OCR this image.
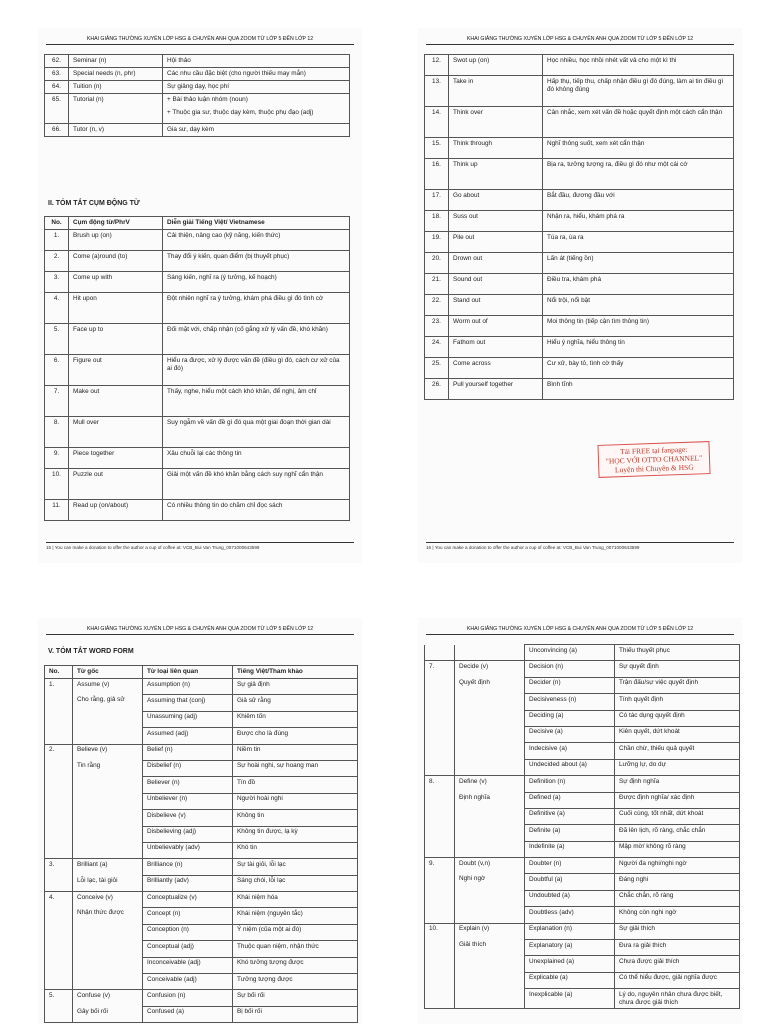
KHAI GIẢNG THƯỜNG XUYÊN LỚP HSG & CHUYÊN ANH QUA ZOOM TỪ LỚP 5 ĐẾN LỚP 12
62.	Seminar (n)	Hội thảo

63.	Special needs (n, phr)	Các nhu cầu đặc biệt (cho người thiếu may mắn)

64.	Tuition (n)	Sự giảng dạy, học phí

65.	Tutorial (n)	+ Bài thảo luận nhóm (noun)
+ Thuộc gia sư, thuộc dạy kèm, thuộc phụ đạo (adj)

66.	Tutor (n, v)	Gia sư, dạy kèm
II. TÓM TẮT CỤM ĐỘNG TỪ
No.	Cụm động từ/PhrV	Diễn giải Tiếng Việt/ Vietnamese
1.	Brush up (on)	Cải thiện, nâng cao (kỹ năng, kiến thức)
2.	Come (a)round (to)	Thay đổi ý kiến, quan điểm (bị thuyết phục)
3.	Come up with	Sáng kiến, nghĩ ra (ý tưởng, kế hoạch)
4.	Hit upon	Đột nhiên nghĩ ra ý tưởng, khám phá điều gì đó tình cờ
5.	Face up to	Đối mặt với, chấp nhận (cố gắng xử lý vấn đề, khó khăn)
6.	Figure out	Hiểu ra được, xử lý được vấn đề (điều gì đó, cách cư xử của ai đó)
7.	Make out	Thấy, nghe, hiểu một cách khó khăn, để nghị, âm chỉ
8.	Mull over	Suy ngẫm về vấn đề gì đó qua một giai đoạn thời gian dài
9.	Piece together	Xâu chuỗi lại các thông tin
10.	Puzzle out	Giải một vấn đề khó khăn bằng cách suy nghĩ cẩn thận
11.	Read up (on/about)	Có nhiều thông tin do chăm chỉ đọc sách
15 | You can make a donation to offer the author a cup of coffee at: VCB_Bui Van Trung_0071000643599
KHAI GIẢNG THƯỜNG XUYÊN LỚP HSG & CHUYÊN ANH QUA ZOOM TỪ LỚP 5 ĐẾN LỚP 12
12.	Swot up (on)	Học nhiều, học nhồi nhét vất vả cho một kì thi
13.	Take in	Hấp thụ, tiếp thu, chấp nhận điều gì đó đúng, làm ai tin điều gì đó không đúng
14.	Think over	Cân nhắc, xem xét vấn đề hoặc quyết định một cách cẩn thận
15.	Think through	Nghĩ thông suốt, xem xét cẩn thận
16.	Think up	Bịa ra, tưởng tượng ra, điều gì đó như một cái cớ
17.	Go about	Bắt đầu, đương đầu với
18.	Suss out	Nhận ra, hiểu, khám phá ra
19.	Pile out	Túa ra, ùa ra
20.	Drown out	Lấn át (tiếng ồn)
21.	Sound out	Điều tra, khám phá
22.	Stand out	Nổi trội, nổi bật
23.	Worm out of	Moi thông tin (tiếp cận tìm thông tin)
24.	Fathom out	Hiểu ý nghĩa, hiểu thông tin
25.	Come across	Cư xử, bày tỏ, tình cờ thấy
26.	Pull yourself together	Bình tĩnh
16 | You can make a donation to offer the author a cup of coffee at: VCB_Bui Van Trung_0071000643599
Tải FREE tại fanpage:
"HỌC VỚI OTTO CHANNEL"
Luyện thi Chuyên & HSG
KHAI GIẢNG THƯỜNG XUYÊN LỚP HSG & CHUYÊN ANH QUA ZOOM TỪ LỚP 5 ĐẾN LỚP 12
V. TÓM TẮT WORD FORM
No.	Từ gốc	Từ loại liên quan	Tiếng Việt/Tham khảo
1.	Assume (v)	Assumption (n)	Sự giả định
	Cho rằng, giả sử	Assuming that (conj)	Giả sử rằng
		Unassuming (adj)	Khiêm tốn
		Assumed (adj)	Được cho là đúng
2.	Believe (v)	Belief (n)	Niềm tin
	Tin rằng	Disbelief (n)	Sự hoài nghi, sự hoang man
		Believer (n)	Tín đồ
		Unbeliever (n)	Người hoài nghi
		Disbelieve (v)	Không tin
		Disbelieving (adj)	Không tin được, lạ kỳ
		Unbelievably (adv)	Khó tin
3.	Brilliant (a)	Brilliance (n)	Sự tài giỏi, lỗi lạc
	Lỗi lạc, tài giỏi	Brilliantly (adv)	Sáng chói, lỗi lạc
4.	Conceive (v)	Conceptualize (v)	Khái niệm hóa
	Nhận thức được	Concept (n)	Khái niệm (nguyên tắc)
		Conception (n)	Ý niệm (của một ai đó)
		Conceptual (adj)	Thuộc quan niệm, nhận thức
		Inconceivable (adj)	Khó tưởng tượng được
		Conceivable (adj)	Tưởng tượng được
5.	Confuse (v)	Confusion (n)	Sự bối rối
	Gây bối rối	Confused (a)	Bị bối rối
KHAI GIẢNG THƯỜNG XUYÊN LỚP HSG & CHUYÊN ANH QUA ZOOM TỪ LỚP 5 ĐẾN LỚP 12
		Unconvincing (a)	Thiếu thuyết phục
7.	Decide (v)	Decision (n)	Sự quyết định
	Quyết định	Decider (n)	Trận đấu/sự việc quyết định
		Decisiveness (n)	Tính quyết định
		Deciding (a)	Có tác dụng quyết định
		Decisive (a)	Kiên quyết, dứt khoát
		Indecisive (a)	Chần chừ, thiếu quả quyết
		Undecided about (a)	Lưỡng lự, do dự
8.	Define (v)	Definition (n)	Sự định nghĩa
	Định nghĩa	Defined (a)	Được định nghĩa/ xác định
		Definitive (a)	Cuối cùng, tốt nhất, dứt khoát
		Definite (a)	Đã lên lịch, rõ ràng, chắc chắn
		Indefinite (a)	Mập mờ/ không rõ ràng
9.	Doubt (v,n)	Doubter (n)	Người đa nghi/nghi ngờ
	Nghi ngờ	Doubtful (a)	Đáng nghi
		Undoubted (a)	Chắc chắn, rõ ràng
		Doubtless (adv)	Không còn nghi ngờ
10.	Explain (v)	Explanation (n)	Sự giải thích
	Giải thích	Explanatory (a)	Đưa ra giải thích
		Unexplained (a)	Chưa được giải thích
		Explicable (a)	Có thể hiểu được, giải nghĩa được
		Inexplicable (a)	Lý do, nguyên nhân chưa được biết, chưa được giải thích
